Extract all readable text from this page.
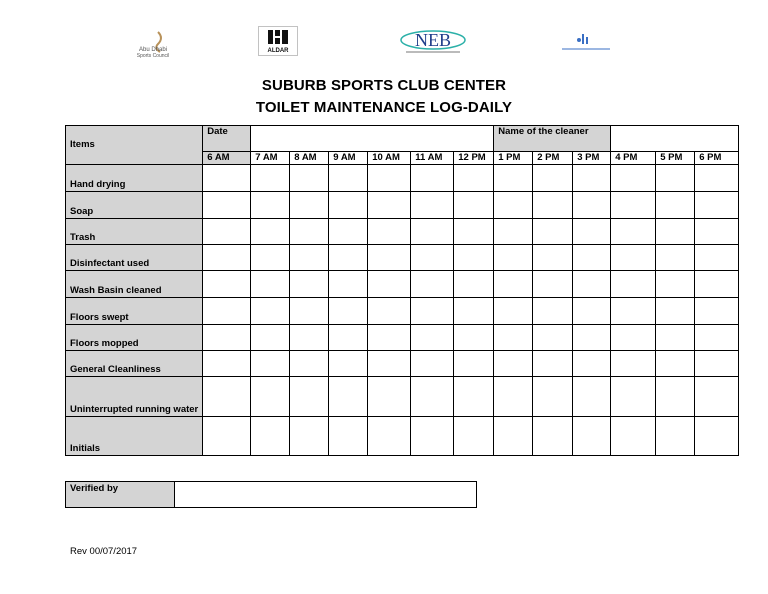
Abu Dhabi
Sports Council
ALDAR
NEB
SUBURB SPORTS CLUB CENTER
TOILET MAINTENANCE LOG-DAILY
Items	Date							Name of the cleaner					
	6 AM	7 AM	8 AM	9 AM	10 AM	11 AM	12 PM	1 PM	2 PM	3 PM	4 PM	5 PM	6 PM
Hand drying													
Soap													
Trash													
Disinfectant used													
Wash Basin cleaned													
Floors swept													
Floors mopped													
General Cleanliness													
Uninterrupted running water													
Initials													
Verified by	
Rev 00/07/2017
